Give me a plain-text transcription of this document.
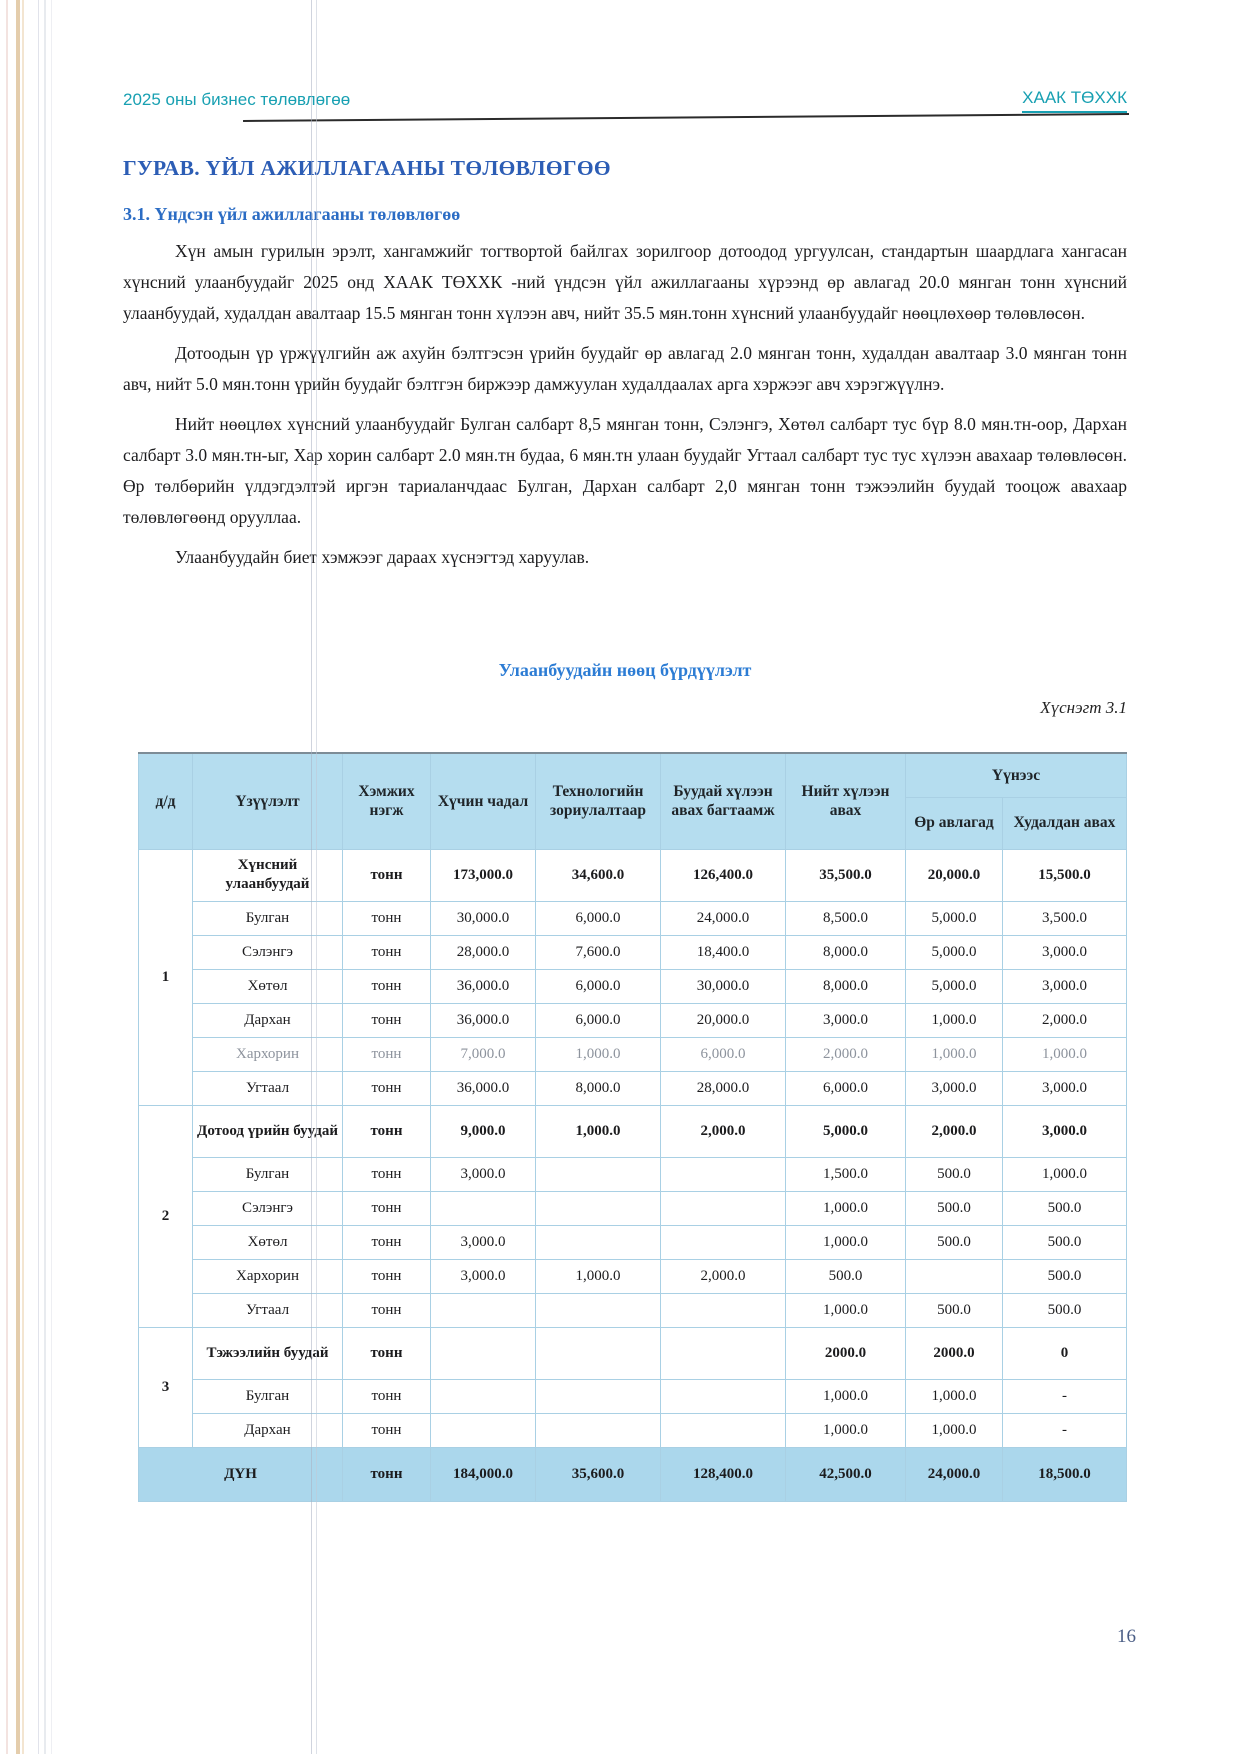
2025 оны бизнес төлөвлөгөө	ХААК ТӨХХК
ГУРАВ. ҮЙЛ АЖИЛЛАГААНЫ ТӨЛӨВЛӨГӨӨ
3.1. Үндсэн үйл ажиллагааны төлөвлөгөө

Хүн амын гурилын эрэлт, хангамжийг тогтвортой байлгах зорилгоор дотоодод ургуулсан, стандартын шаардлага хангасан хүнсний улаанбуудайг 2025 онд ХААК ТӨХХК -ний үндсэн үйл ажиллагааны хүрээнд өр авлагад 20.0 мянган тонн хүнсний улаанбуудай, худалдан авалтаар 15.5 мянган тонн хүлээн авч, нийт 35.5 мян.тонн хүнсний улаанбуудайг нөөцлөхөөр төлөвлөсөн.

Дотоодын үр үржүүлгийн аж ахуйн бэлтгэсэн үрийн буудайг өр авлагад 2.0 мянган тонн, худалдан авалтаар 3.0 мянган тонн авч, нийт 5.0 мян.тонн үрийн буудайг бэлтгэн биржээр дамжуулан худалдаалах арга хэржээг авч хэрэгжүүлнэ.

Нийт нөөцлөх хүнсний улаанбуудайг Булган салбарт 8,5 мянган тонн, Сэлэнгэ, Хөтөл салбарт тус бүр 8.0 мян.тн-оор, Дархан салбарт 3.0 мян.тн-ыг, Хар хорин салбарт 2.0 мян.тн будаа, 6 мян.тн улаан буудайг Угтаал салбарт тус тус хүлээн авахаар төлөвлөсөн. Өр төлбөрийн үлдэгдэлтэй иргэн тариаланчдаас Булган, Дархан салбарт 2,0 мянган тонн тэжээлийн буудай тооцож авахаар төлөвлөгөөнд орууллаа.

Улаанбуудайн биет хэмжээг дараах хүснэгтэд харуулав.

Улаанбуудайн нөөц бүрдүүлэлт
Хүснэгт 3.1
д/д	Үзүүлэлт	Хэмжих нэгж	Хүчин чадал	Технологийн зориулалтаар	Буудай хүлээн авах багтаамж	Нийт хүлээн авах	Үүнээс	
							Өр авлагад	Худалдан авах
1	Хүнсний улаанбуудай	тонн	173,000.0	34,600.0	126,400.0	35,500.0	20,000.0	15,500.0
	Булган	тонн	30,000.0	6,000.0	24,000.0	8,500.0	5,000.0	3,500.0
	Сэлэнгэ	тонн	28,000.0	7,600.0	18,400.0	8,000.0	5,000.0	3,000.0
	Хөтөл	тонн	36,000.0	6,000.0	30,000.0	8,000.0	5,000.0	3,000.0
	Дархан	тонн	36,000.0	6,000.0	20,000.0	3,000.0	1,000.0	2,000.0
	Хархорин	тонн	7,000.0	1,000.0	6,000.0	2,000.0	1,000.0	1,000.0
	Угтаал	тонн	36,000.0	8,000.0	28,000.0	6,000.0	3,000.0	3,000.0
2	Дотоод үрийн буудай	тонн	9,000.0	1,000.0	2,000.0	5,000.0	2,000.0	3,000.0
	Булган	тонн	3,000.0			1,500.0	500.0	1,000.0
	Сэлэнгэ	тонн				1,000.0	500.0	500.0
	Хөтөл	тонн	3,000.0			1,000.0	500.0	500.0
	Хархорин	тонн	3,000.0	1,000.0	2,000.0	500.0		500.0
	Угтаал	тонн				1,000.0	500.0	500.0
3	Тэжээлийн буудай	тонн				2000.0	2000.0	0
	Булган	тонн				1,000.0	1,000.0	-
	Дархан	тонн				1,000.0	1,000.0	-
ДҮН		тонн	184,000.0	35,600.0	128,400.0	42,500.0	24,000.0	18,500.0
16
